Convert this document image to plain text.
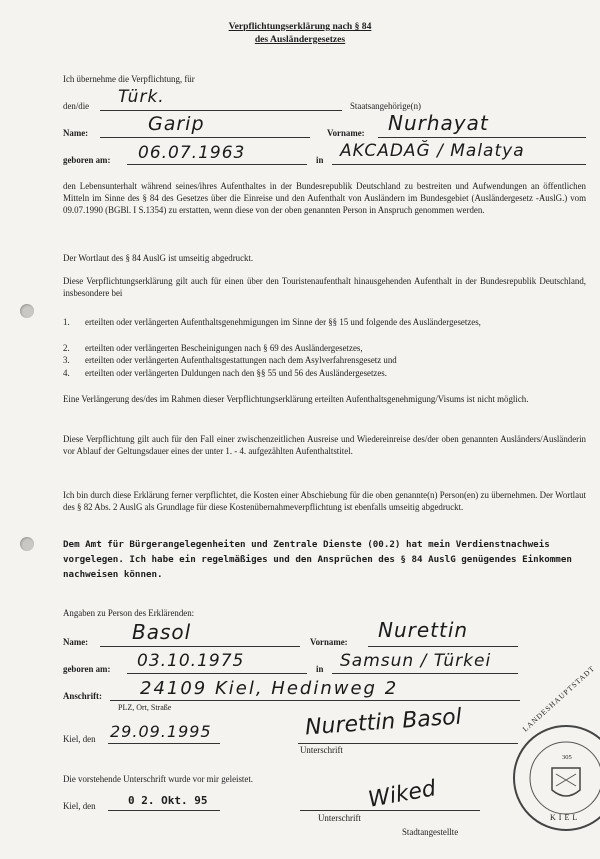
Verpflichtungserklärung nach § 84
des Ausländergesetzes
Ich übernehme die Verpflichtung, für
den/die Türk.	Staatsangehörige(n)
Name:	Garip	Vorname: Nurhayat
geboren am: 06.07.1963	in AKCADAĞ / Malatya
den Lebensunterhalt während seines/ihres Aufenthaltes in der Bundesrepublik Deutschland zu bestreiten und Aufwendungen an öffentlichen Mitteln im Sinne des § 84 des Gesetzes über die Einreise und den Aufenthalt von Ausländern im Bundesgebiet (Ausländergesetz -AuslG.) vom 09.07.1990 (BGBl. I S.1354) zu erstatten, wenn diese von der oben genannten Person in Anspruch genommen werden.
Der Wortlaut des § 84 AuslG ist umseitig abgedruckt.
Diese Verpflichtungserklärung gilt auch für einen über den Touristenaufenthalt hinausgehenden Aufenthalt in der Bundesrepublik Deutschland, insbesondere bei
1. erteilten oder verlängerten Aufenthaltsgenehmigungen im Sinne der §§ 15 und folgende des Ausländergesetzes,
2. erteilten oder verlängerten Bescheinigungen nach § 69 des Ausländergesetzes,
3. erteilten oder verlängerten Aufenthaltsgestattungen nach dem Asylverfahrensgesetz und
4. erteilten oder verlängerten Duldungen nach den §§ 55 und 56 des Ausländergesetzes.
Eine Verlängerung des/des im Rahmen dieser Verpflichtungserklärung erteilten Aufenthaltsgenehmigung/Visums ist nicht möglich.
Diese Verpflichtung gilt auch für den Fall einer zwischenzeitlichen Ausreise und Wiedereinreise des/der oben genannten Ausländers/Ausländerin vor Ablauf der Geltungsdauer eines der unter 1. - 4. aufgezählten Aufenthaltstitel.
Ich bin durch diese Erklärung ferner verpflichtet, die Kosten einer Abschiebung für die oben genannte(n) Person(en) zu übernehmen. Der Wortlaut des § 82 Abs. 2 AuslG als Grundlage für diese Kostenübernahmeverpflichtung ist ebenfalls umseitig abgedruckt.
Dem Amt für Bürgerangelegenheiten und Zentrale Dienste (00.2) hat mein Verdienstnachweis vorgelegen. Ich habe ein regelmäßiges und den Ansprüchen des § 84 AuslG genügendes Einkommen nachweisen können.
Angaben zu Person des Erklärenden:
Name: Basol	Vorname: Nurettin
geboren am: 03.10.1975	in Samsun / Türkei
Anschrift: 24109 Kiel, Hedinweg 2
PLZ, Ort, Straße
Kiel, den 29.09.1995	Nurettin Basol
Unterschrift
Die vorstehende Unterschrift wurde vor mir geleistet.
Kiel, den	0 2. Okt. 95	Wiked
Unterschrift
Stadtangestellte
LANDESHAUPTSTADT
KIEL
305
